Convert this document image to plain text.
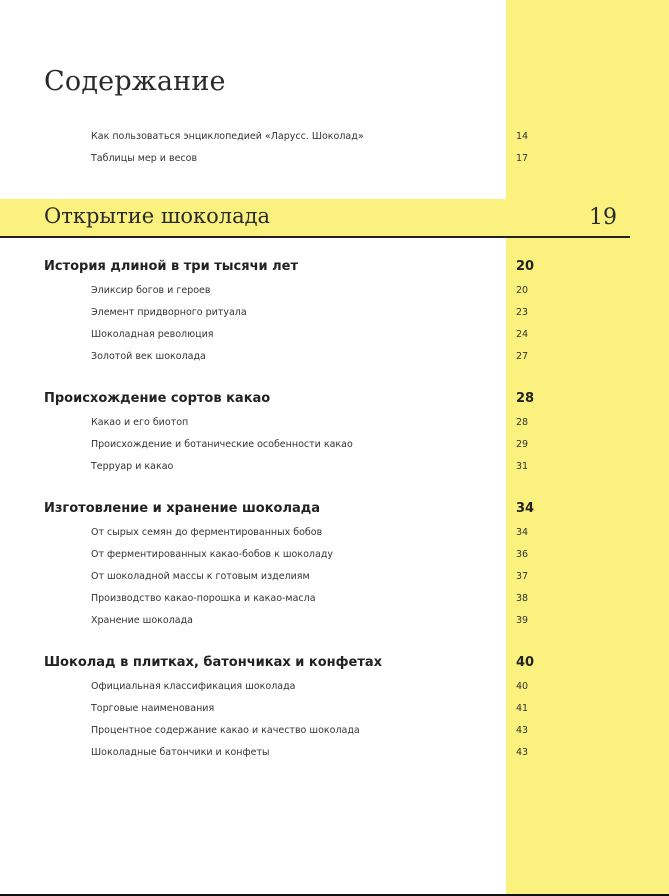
Содержание
Как пользоваться энциклопедией «Ларусс. Шоколад»	14
Таблицы мер и весов	17
Открытие шоколада	19
История длиной в три тысячи лет	20
Эликсир богов и героев	20
Элемент придворного ритуала	23
Шоколадная революция	24
Золотой век шоколада	27
Происхождение сортов какао	28
Какао и его биотоп	28
Происхождение и ботанические особенности какао	29
Терруар и какао	31
Изготовление и хранение шоколада	34
От сырых семян до ферментированных бобов	34
От ферментированных какао-бобов к шоколаду	36
От шоколадной массы к готовым изделиям	37
Производство какао-порошка и какао-масла	38
Хранение шоколада	39
Шоколад в плитках, батончиках и конфетах	40
Официальная классификация шоколада	40
Торговые наименования	41
Процентное содержание какао и качество шоколада	43
Шоколадные батончики и конфеты	43
